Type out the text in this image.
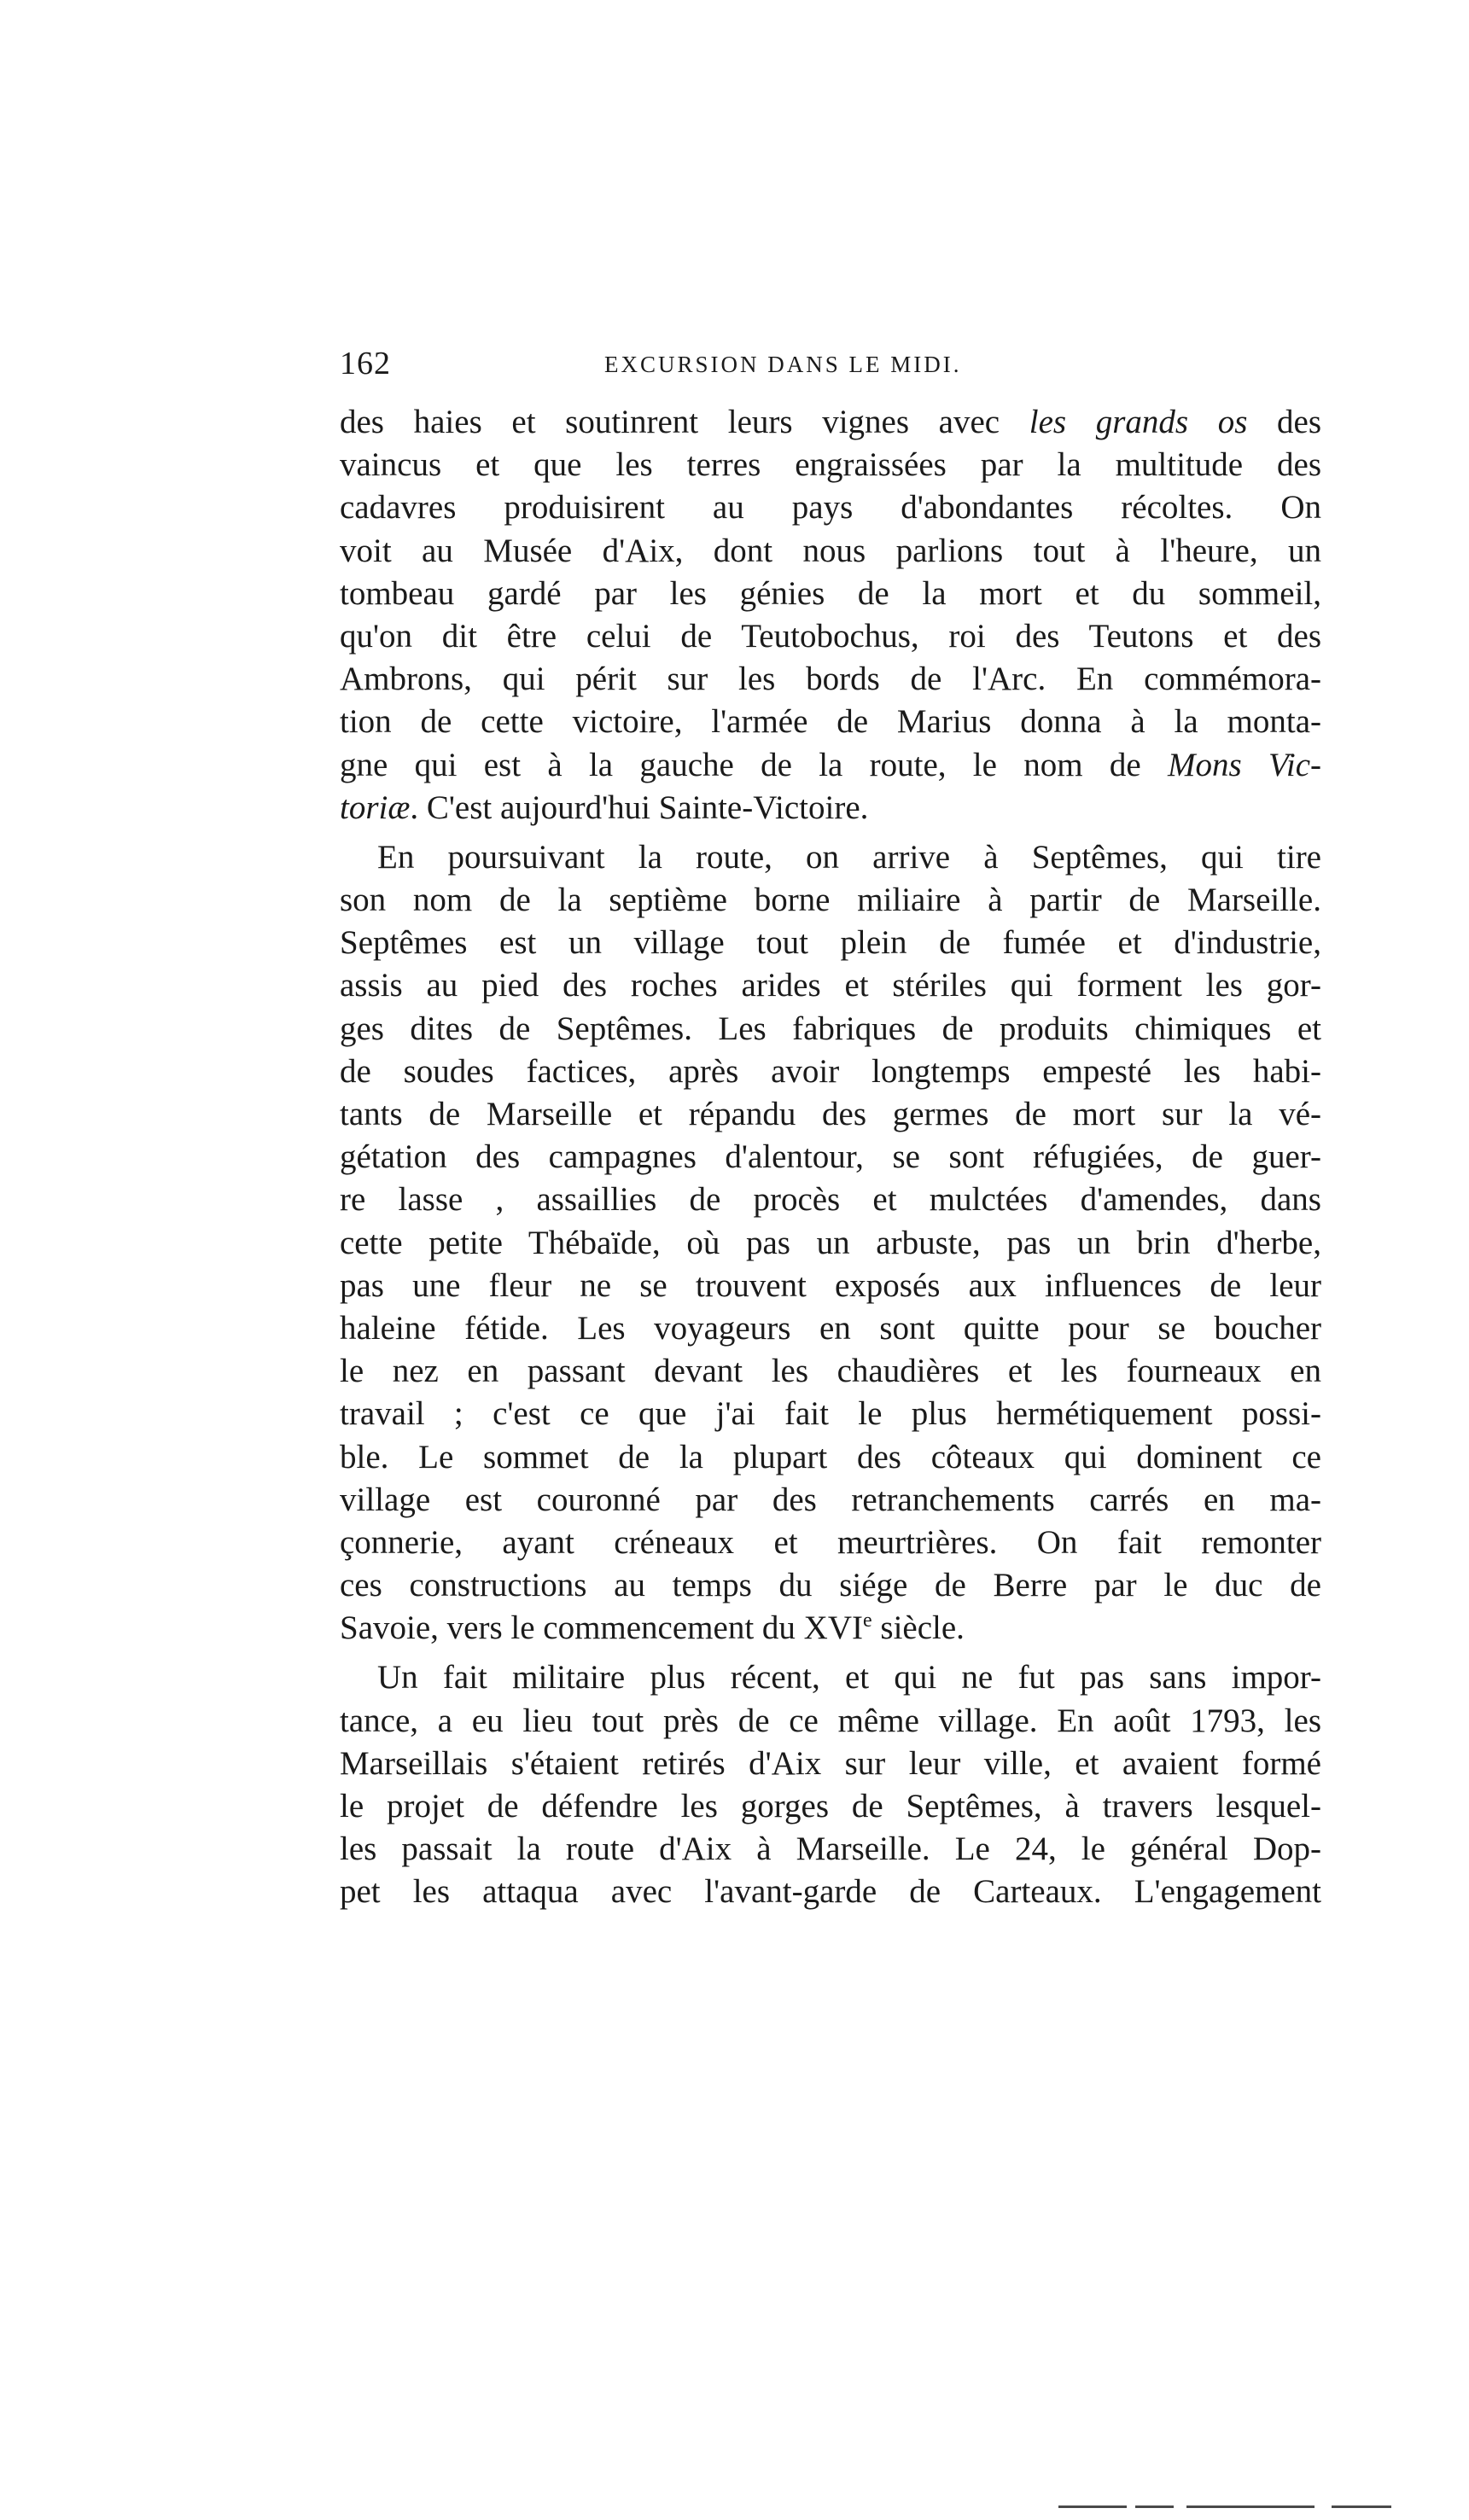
162	EXCURSION DANS LE MIDI.
des haies et soutinrent leurs vignes avec les grands os des
vaincus et que les terres engraissées par la multitude des
cadavres produisirent au pays d'abondantes récoltes. On
voit au Musée d'Aix, dont nous parlions tout à l'heure, un
tombeau gardé par les génies de la mort et du sommeil,
qu'on dit être celui de Teutobochus, roi des Teutons et des
Ambrons, qui périt sur les bords de l'Arc. En commémora-
tion de cette victoire, l'armée de Marius donna à la monta-
gne qui est à la gauche de la route, le nom de Mons Vic-
toriæ. C'est aujourd'hui Sainte-Victoire.
En poursuivant la route, on arrive à Septêmes, qui tire
son nom de la septième borne miliaire à partir de Marseille.
Septêmes est un village tout plein de fumée et d'industrie,
assis au pied des roches arides et stériles qui forment les gor-
ges dites de Septêmes. Les fabriques de produits chimiques et
de soudes factices, après avoir longtemps empesté les habi-
tants de Marseille et répandu des germes de mort sur la vé-
gétation des campagnes d'alentour, se sont réfugiées, de guer-
re lasse , assaillies de procès et mulctées d'amendes, dans
cette petite Thébaïde, où pas un arbuste, pas un brin d'herbe,
pas une fleur ne se trouvent exposés aux influences de leur
haleine fétide. Les voyageurs en sont quitte pour se boucher
le nez en passant devant les chaudières et les fourneaux en
travail ; c'est ce que j'ai fait le plus hermétiquement possi-
ble. Le sommet de la plupart des côteaux qui dominent ce
village est couronné par des retranchements carrés en ma-
çonnerie, ayant créneaux et meurtrières. On fait remonter
ces constructions au temps du siége de Berre par le duc de
Savoie, vers le commencement du XVIe siècle.
Un fait militaire plus récent, et qui ne fut pas sans impor-
tance, a eu lieu tout près de ce même village. En août 1793, les
Marseillais s'étaient retirés d'Aix sur leur ville, et avaient formé
le projet de défendre les gorges de Septêmes, à travers lesquel-
les passait la route d'Aix à Marseille. Le 24, le général Dop-
pet les attaqua avec l'avant-garde de Carteaux. L'engagement
